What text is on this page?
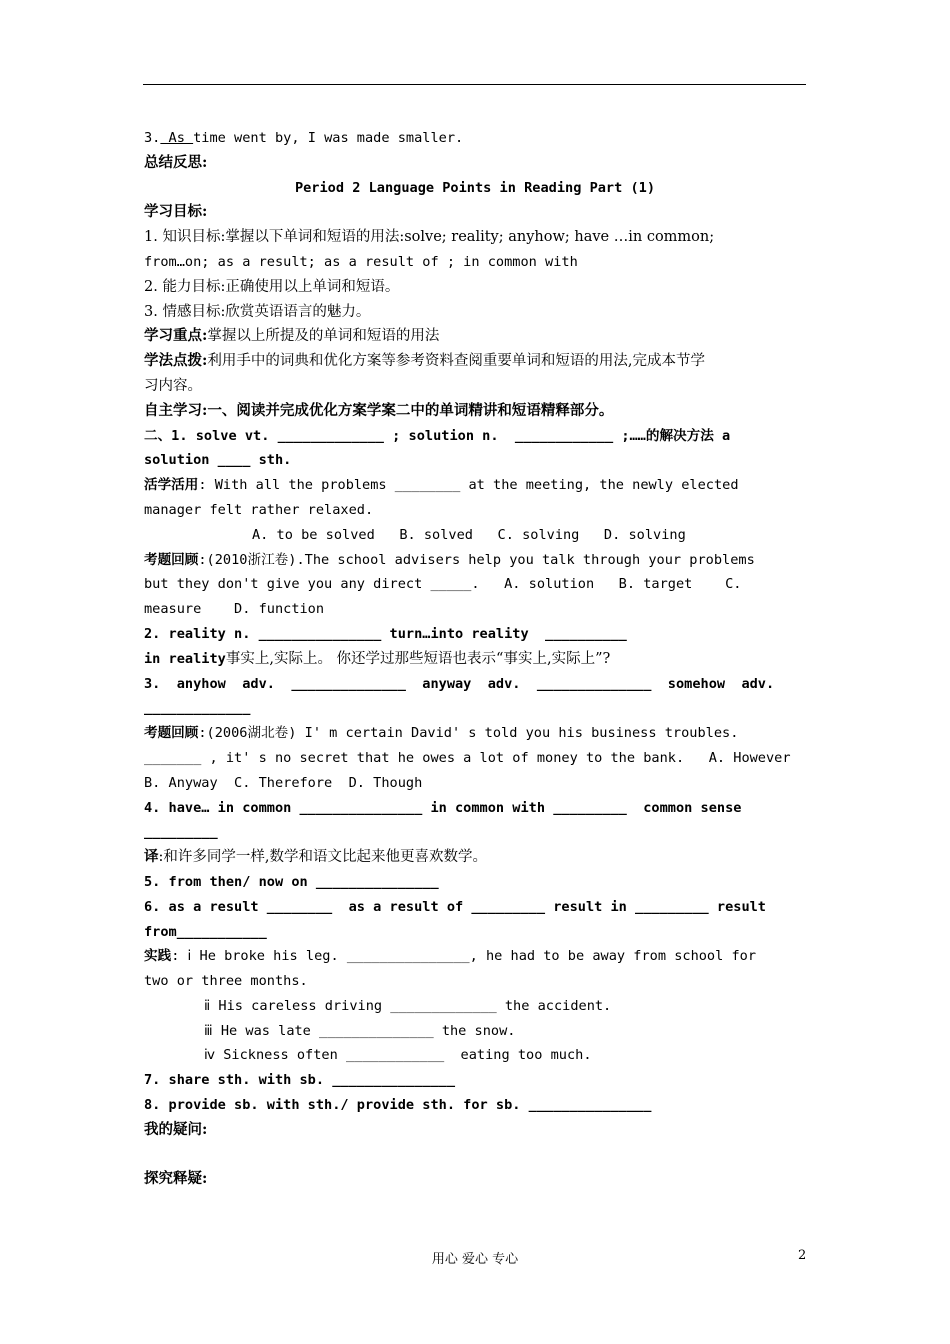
3. As time went by, I was made smaller.
总结反思:
Period 2 Language Points in Reading Part (1)
学习目标:
1. 知识目标:掌握以下单词和短语的用法:solve; reality; anyhow; have …in common;
from…on; as a result; as a result of ; in common with
2. 能力目标:正确使用以上单词和短语。
3. 情感目标:欣赏英语语言的魅力。
学习重点:掌握以上所提及的单词和短语的用法
学法点拨:利用手中的词典和优化方案等参考资料查阅重要单词和短语的用法,完成本节学
习内容。
自主学习:一、阅读并完成优化方案学案二中的单词精讲和短语精释部分。
二、1. solve vt. _____________ ; solution n.  ____________ ;……的解决方法 a
solution ____ sth.
活学活用: With all the problems ________ at the meeting, the newly elected
manager felt rather relaxed.
A. to be solved   B. solved   C. solving   D. solving
考题回顾:(2010浙江卷).The school advisers help you talk through your problems
but they don't give you any direct _____.   A. solution   B. target    C.
measure    D. function
2. reality n. _______________ turn…into reality  __________
in reality事实上,实际上。 你还学过那些短语也表示“事实上,实际上”?
3.  anyhow  adv.  ______________  anyway  adv.  ______________  somehow  adv.
_____________
考题回顾:(2006湖北卷) I' m certain David' s told you his business troubles.
_______ , it' s no secret that he owes a lot of money to the bank.   A. However
B. Anyway  C. Therefore  D. Though
4. have… in common _______________ in common with _________  common sense
_________
译:和许多同学一样,数学和语文比起来他更喜欢数学。
5. from then/ now on _______________
6. as a result ________  as a result of _________ result in _________ result
from___________
实践: ⅰ He broke his leg. _______________, he had to be away from school for
two or three months.
ⅱ His careless driving _____________ the accident.
ⅲ He was late ______________ the snow.
ⅳ Sickness often ____________  eating too much.
7. share sth. with sb. _______________
8. provide sb. with sth./ provide sth. for sb. _______________
我的疑问:
探究释疑:
用心 爱心 专心	2
